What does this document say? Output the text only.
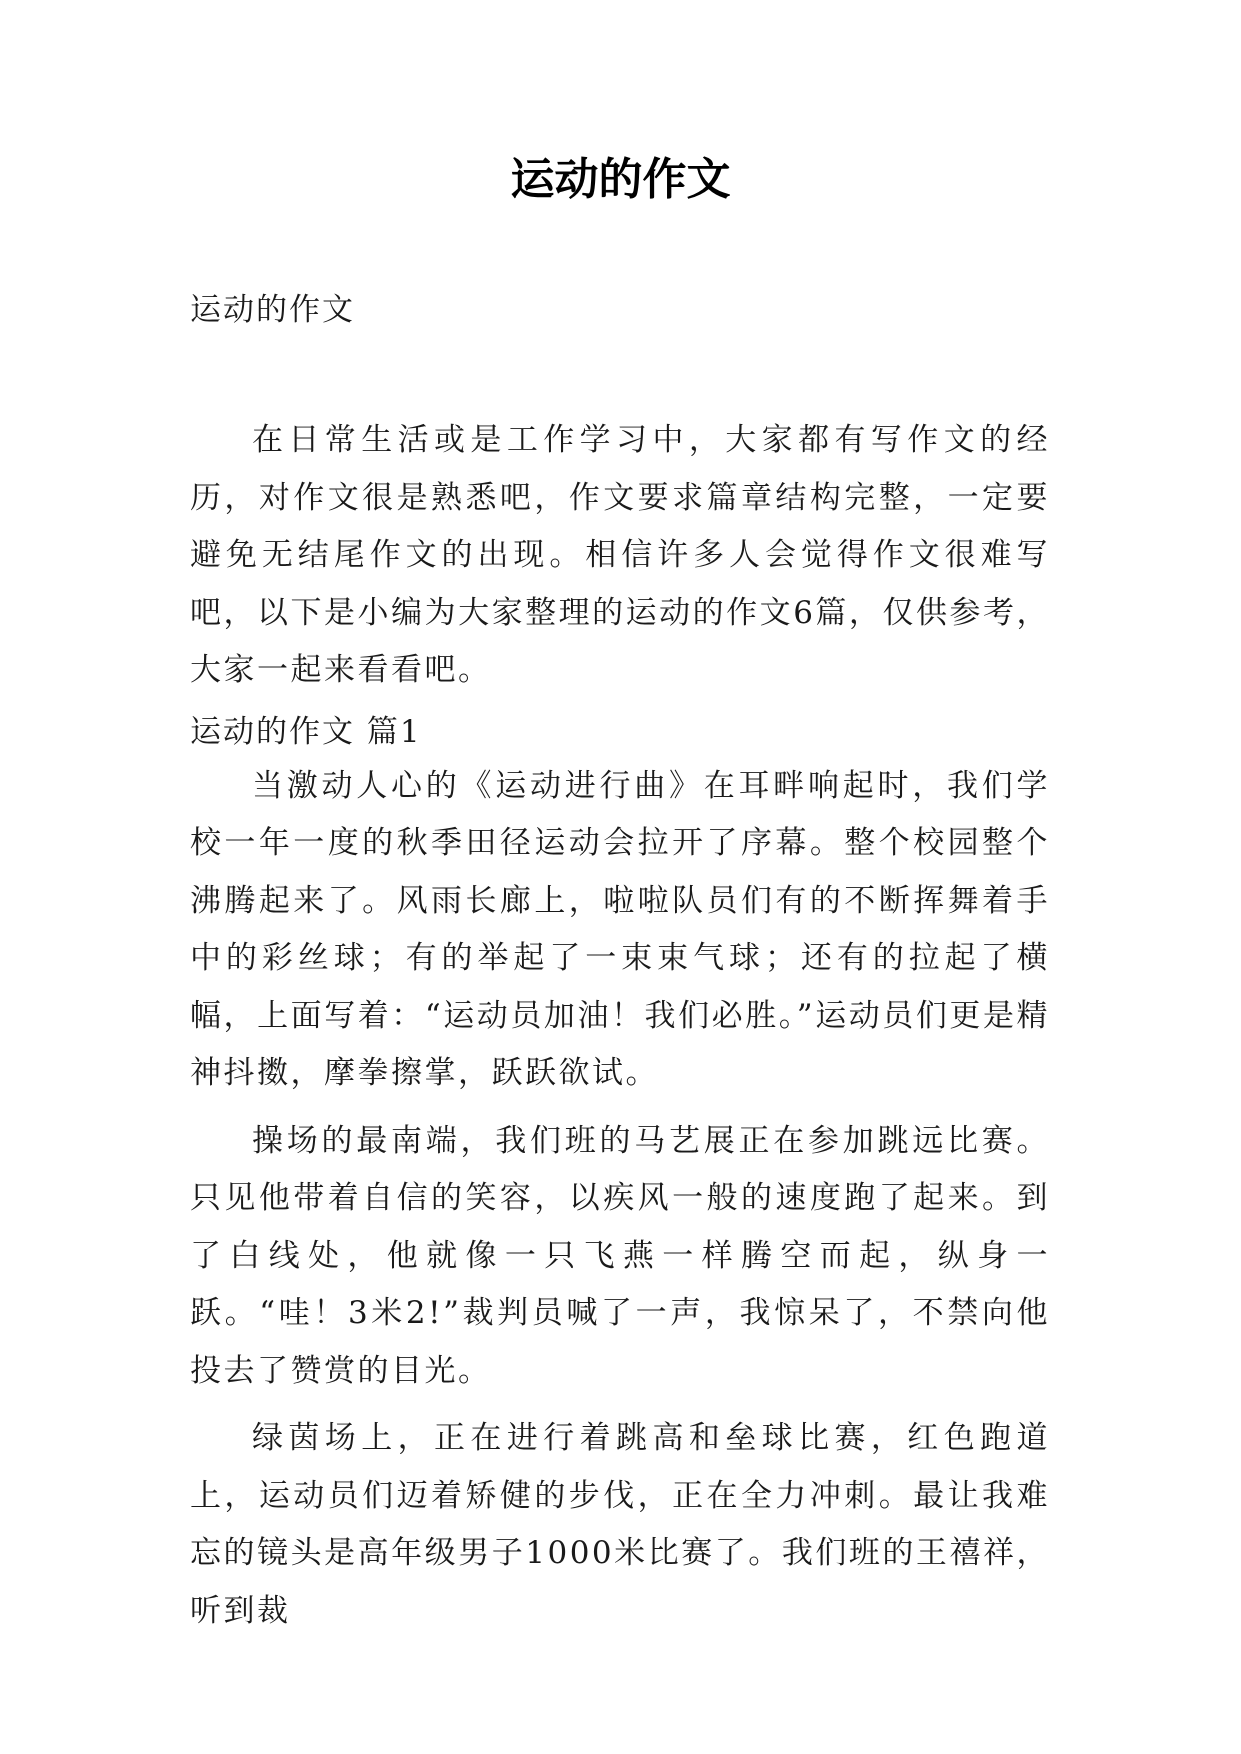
运动的作文
运动的作文

在日常生活或是工作学习中，大家都有写作文的经历，对作文很是熟悉吧，作文要求篇章结构完整，一定要避免无结尾作文的出现。相信许多人会觉得作文很难写吧，以下是小编为大家整理的运动的作文6篇，仅供参考，大家一起来看看吧。

运动的作文 篇1

当激动人心的《运动进行曲》在耳畔响起时，我们学校一年一度的秋季田径运动会拉开了序幕。整个校园整个沸腾起来了。风雨长廊上，啦啦队员们有的不断挥舞着手中的彩丝球；有的举起了一束束气球；还有的拉起了横幅，上面写着：“运动员加油！我们必胜。”运动员们更是精神抖擞，摩拳擦掌，跃跃欲试。

操场的最南端，我们班的马艺展正在参加跳远比赛。只见他带着自信的笑容，以疾风一般的速度跑了起来。到了白线处，他就像一只飞燕一样腾空而起，纵身一跃。“哇！3米2!”裁判员喊了一声，我惊呆了，不禁向他投去了赞赏的目光。

绿茵场上，正在进行着跳高和垒球比赛，红色跑道上，运动员们迈着矫健的步伐，正在全力冲刺。最让我难忘的镜头是高年级男子1000米比赛了。我们班的王禧祥，听到裁
